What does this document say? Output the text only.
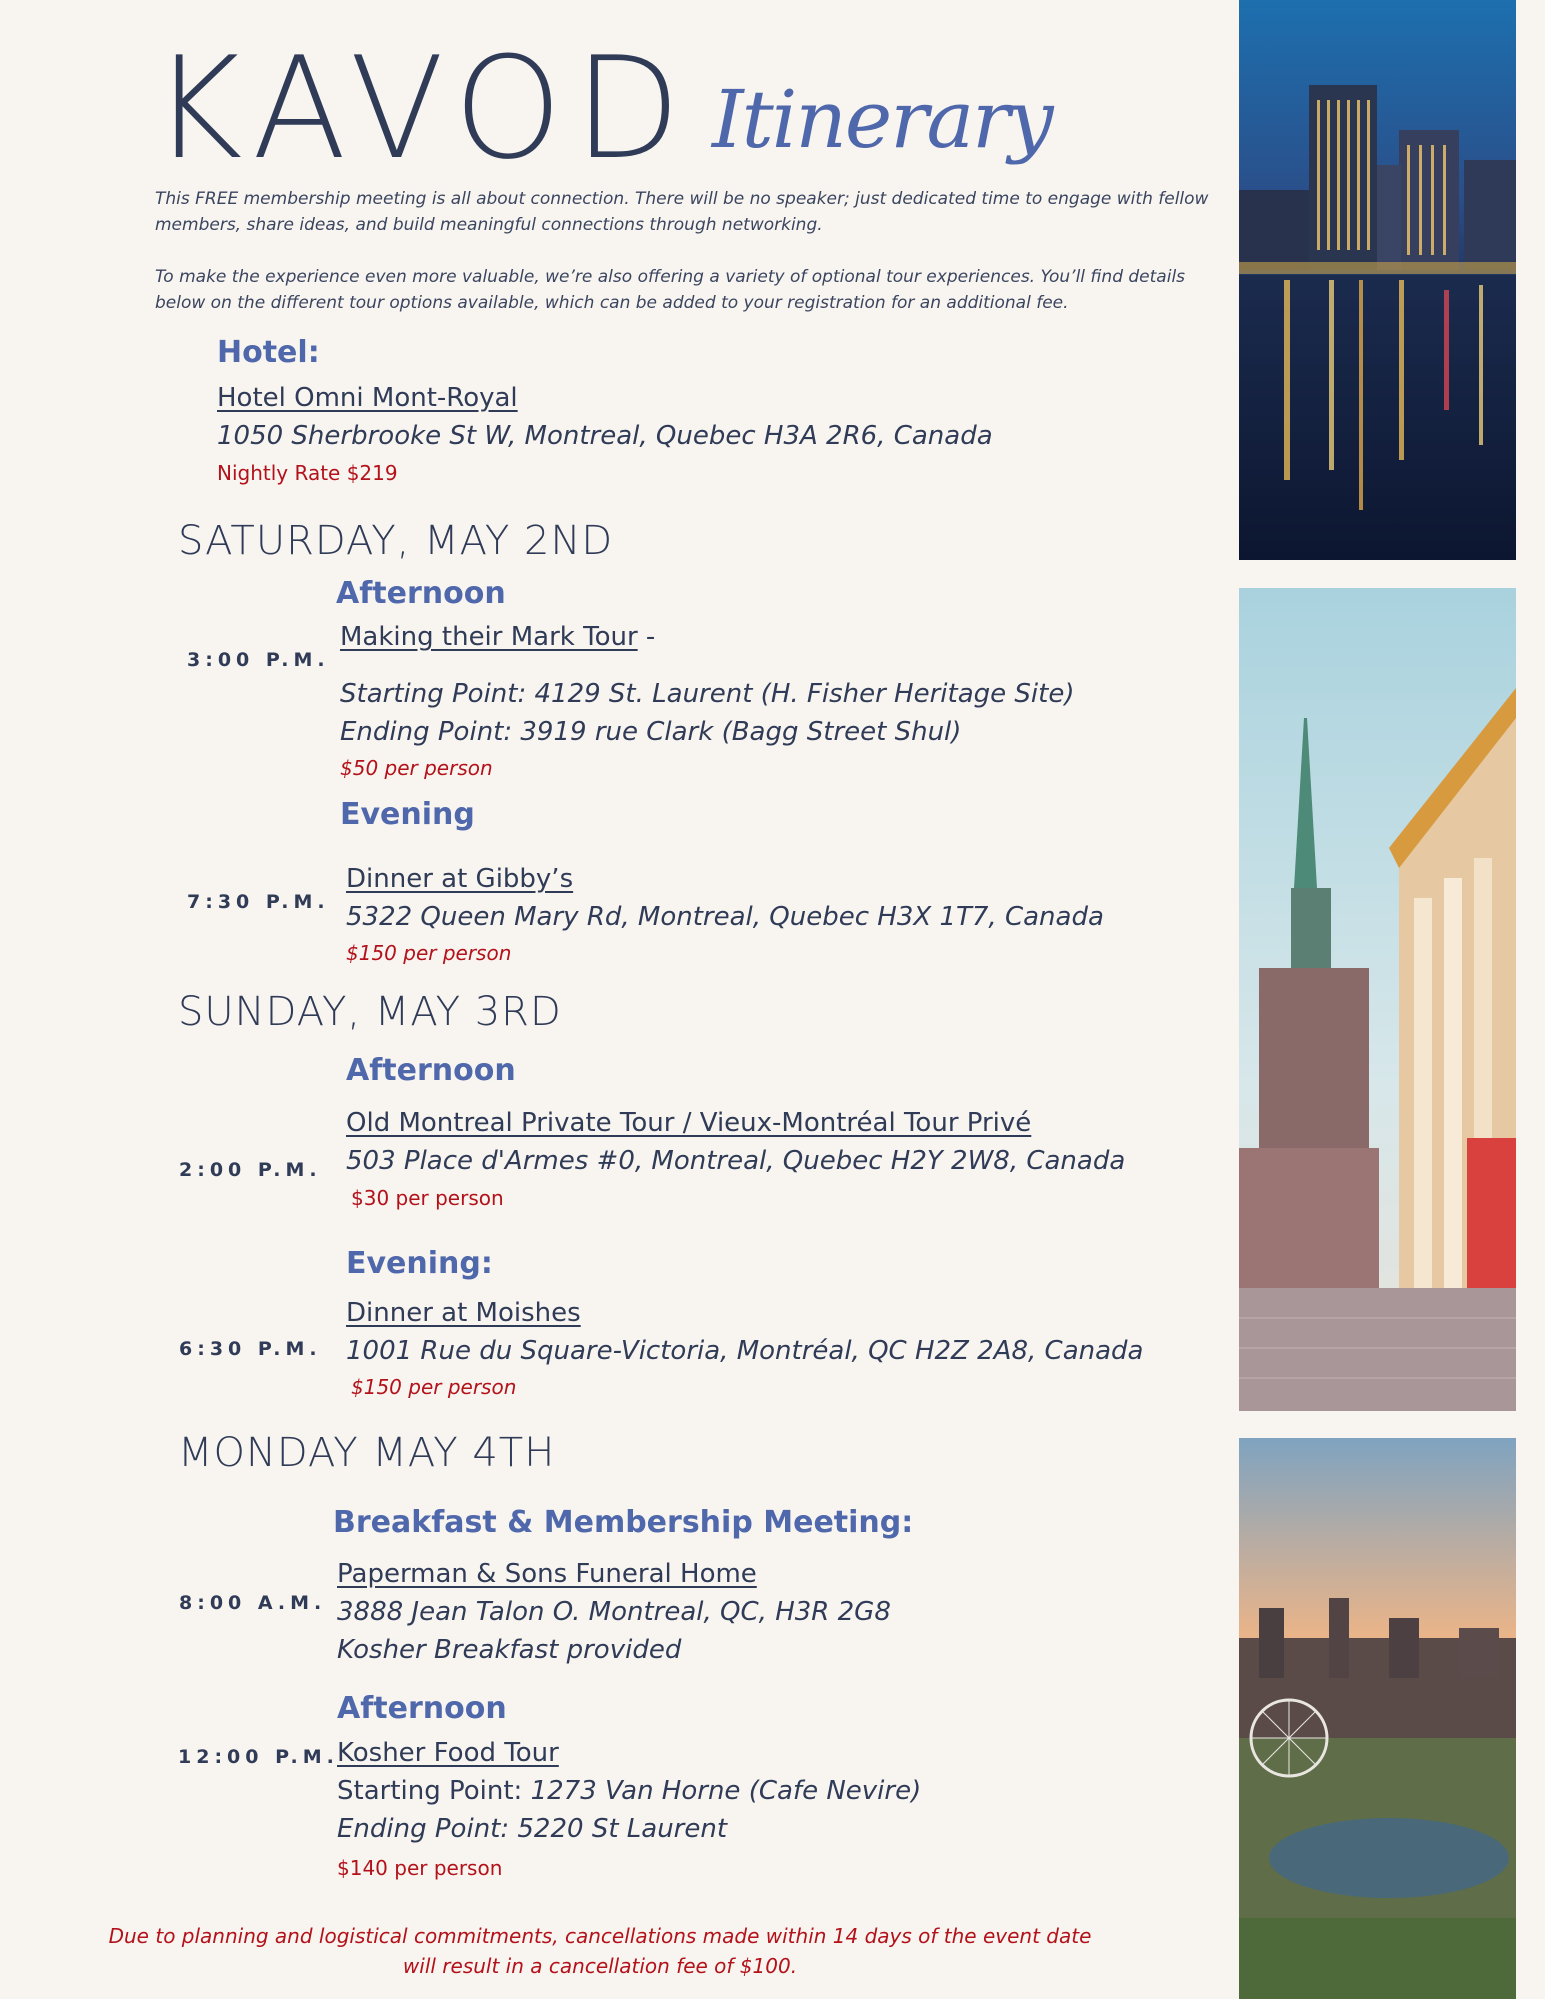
KAVOD Itinerary
This FREE membership meeting is all about connection. There will be no speaker; just dedicated time to engage with fellow members, share ideas, and build meaningful connections through networking.
To make the experience even more valuable, we’re also offering a variety of optional tour experiences. You’ll find details below on the different tour options available, which can be added to your registration for an additional fee.
Hotel:
Hotel Omni Mont-Royal
1050 Sherbrooke St W, Montreal, Quebec H3A 2R6, Canada
Nightly Rate $219
SATURDAY, MAY 2ND
Afternoon
3:00 P.M.
Making their Mark Tour -
Starting Point: 4129 St. Laurent (H. Fisher Heritage Site)
Ending Point: 3919 rue Clark (Bagg Street Shul)
$50 per person
Evening
7:30 P.M.
Dinner at Gibby’s
5322 Queen Mary Rd, Montreal, Quebec H3X 1T7, Canada
$150 per person
SUNDAY, MAY 3RD
Afternoon
2:00 P.M.
Old Montreal Private Tour / Vieux-Montréal Tour Privé
503 Place d'Armes #0, Montreal, Quebec H2Y 2W8, Canada
$30 per person
Evening:
6:30 P.M.
Dinner at Moishes
1001 Rue du Square-Victoria, Montréal, QC H2Z 2A8, Canada
$150 per person
MONDAY MAY 4TH
Breakfast & Membership Meeting:
8:00 A.M.
Paperman & Sons Funeral Home
3888 Jean Talon O. Montreal, QC, H3R 2G8
Kosher Breakfast provided
Afternoon
12:00 P.M.
Kosher Food Tour
Starting Point: 1273 Van Horne (Cafe Nevire)
Ending Point: 5220 St Laurent
$140 per person
Due to planning and logistical commitments, cancellations made within 14 days of the event date will result in a cancellation fee of $100.
